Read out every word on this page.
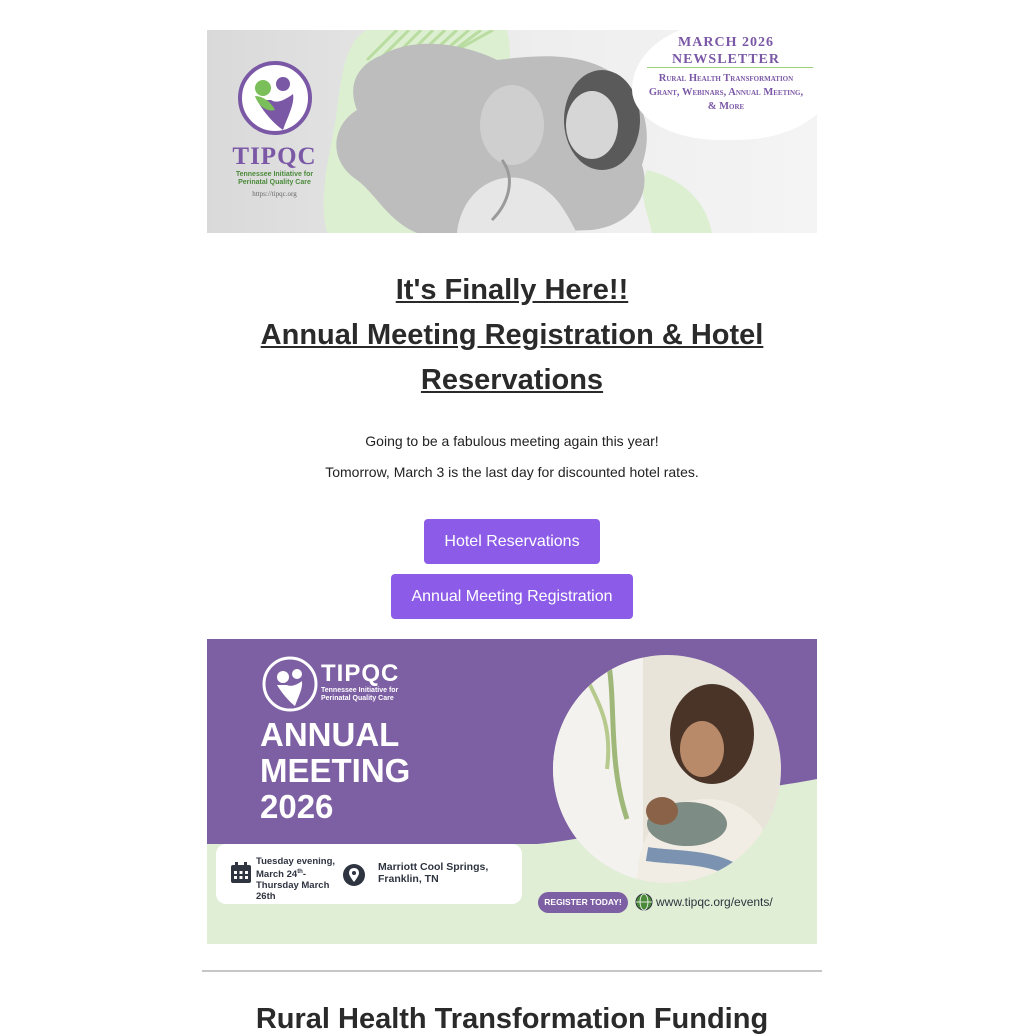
TIPQC
Tennessee Initiative for Perinatal Quality Care
https://tipqc.org
MARCH 2026
NEWSLETTER
Rural Health Transformation Grant, Webinars, Annual Meeting, & More
It's Finally Here!!
Annual Meeting Registration & Hotel
Reservations
Going to be a fabulous meeting again this year!
Tomorrow, March 3 is the last day for discounted hotel rates.
Hotel Reservations
Annual Meeting Registration
TIPQC
Tennessee Initiative for
Perinatal Quality Care
ANNUAL
MEETING
2026
Tuesday evening,
March 24th-
Thursday March
26th
Marriott Cool Springs,
Franklin, TN
REGISTER TODAY!	www.tipqc.org/events/
Rural Health Transformation Funding
